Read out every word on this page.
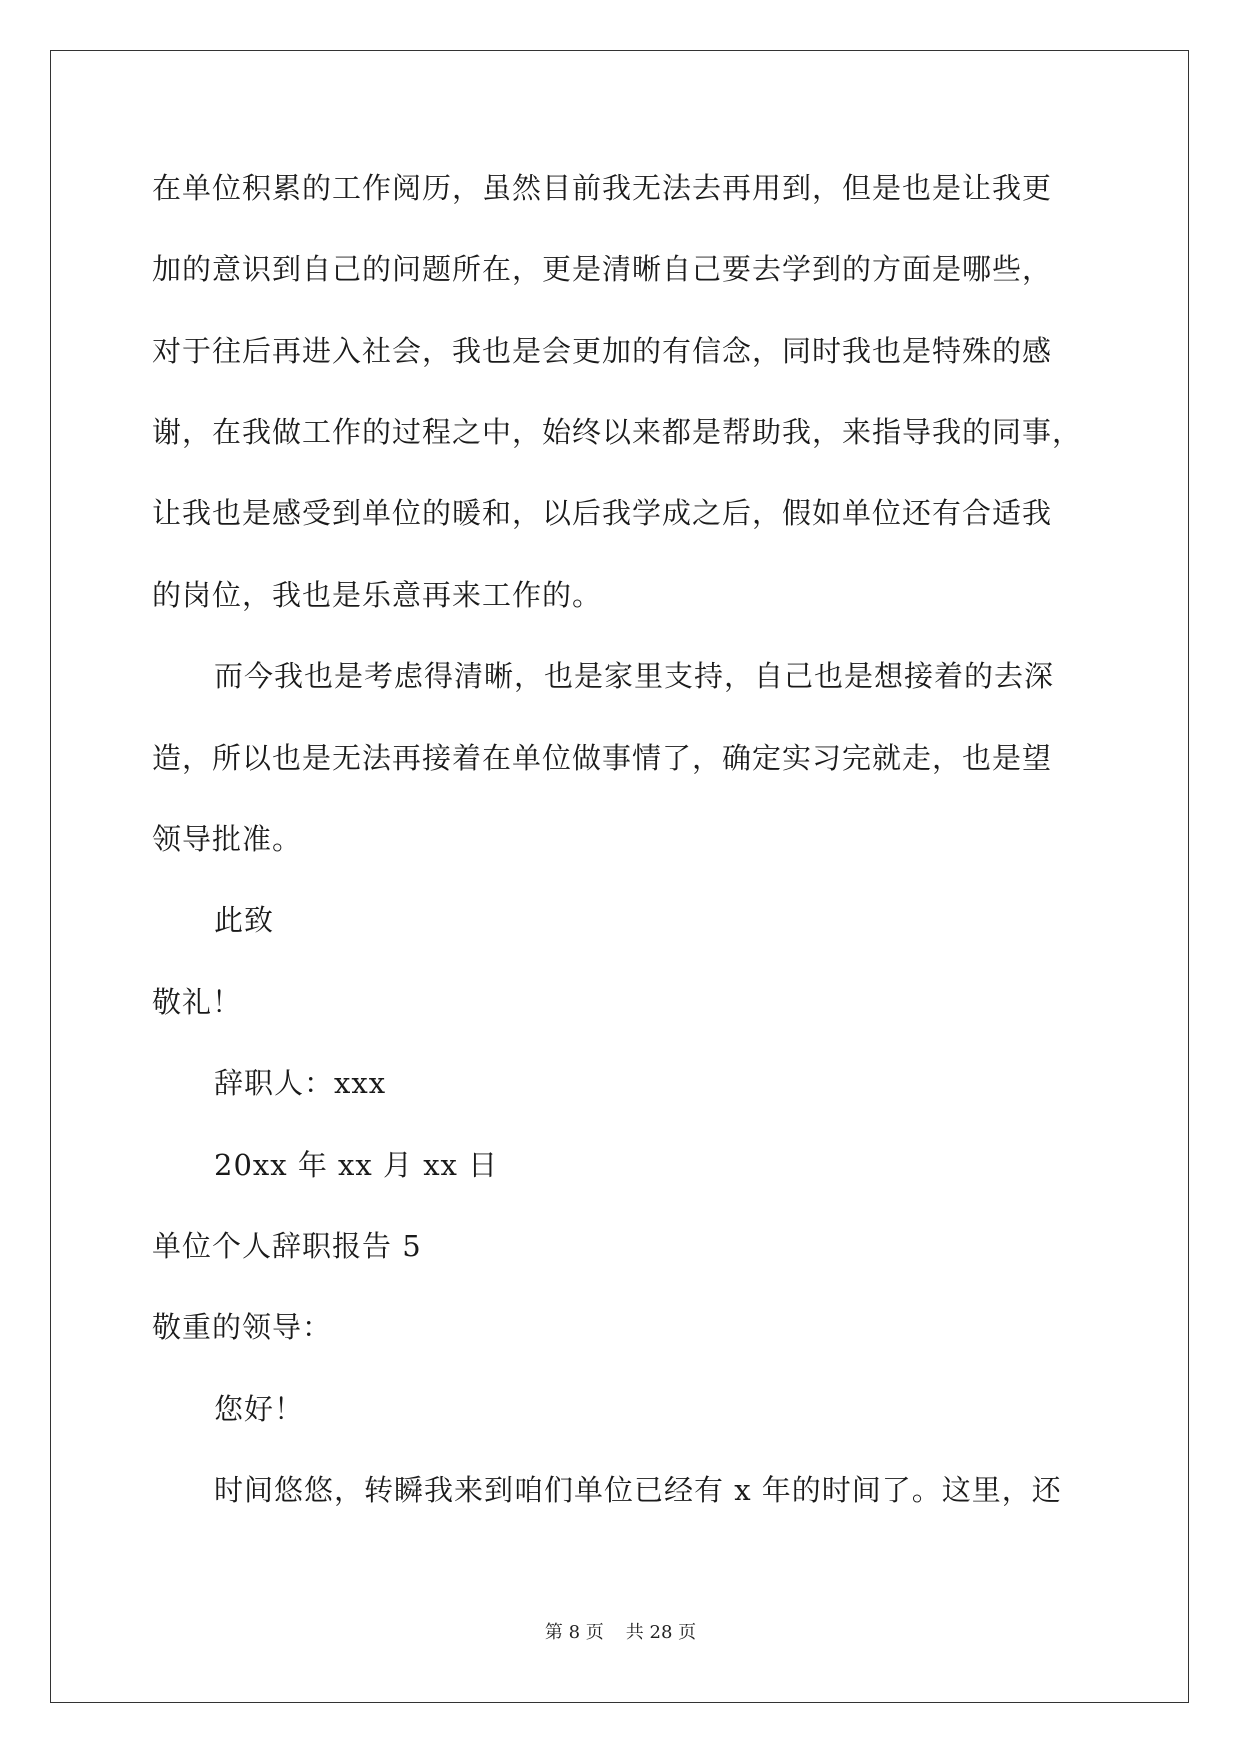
在单位积累的工作阅历，虽然目前我无法去再用到，但是也是让我更
加的意识到自己的问题所在，更是清晰自己要去学到的方面是哪些，
对于往后再进入社会，我也是会更加的有信念，同时我也是特殊的感
谢，在我做工作的过程之中，始终以来都是帮助我，来指导我的同事，
让我也是感受到单位的暖和，以后我学成之后，假如单位还有合适我
的岗位，我也是乐意再来工作的。
而今我也是考虑得清晰，也是家里支持，自己也是想接着的去深
造，所以也是无法再接着在单位做事情了，确定实习完就走，也是望
领导批准。
此致
敬礼！
辞职人：xxx
20xx 年 xx 月 xx 日
单位个人辞职报告 5
敬重的领导：
您好！
时间悠悠，转瞬我来到咱们单位已经有 x 年的时间了。这里，还
第 8 页 共 28 页
